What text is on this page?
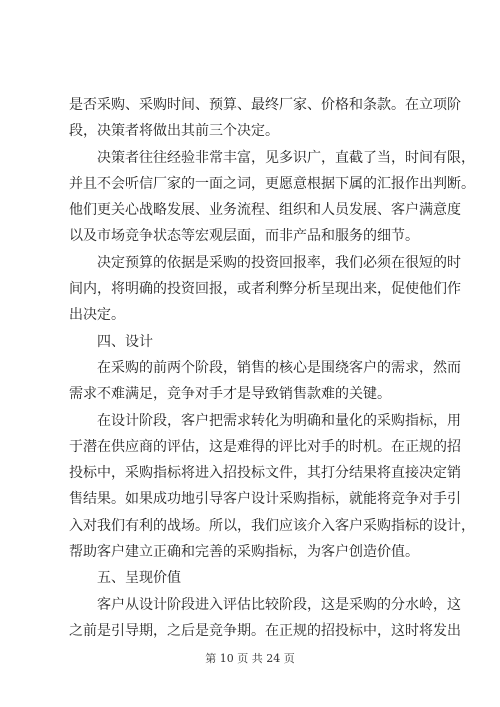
是否采购、采购时间、预算、最终厂家、价格和条款。在立项阶
段，决策者将做出其前三个决定。
决策者往往经验非常丰富，见多识广，直截了当，时间有限，
并且不会听信厂家的一面之词，更愿意根据下属的汇报作出判断。
他们更关心战略发展、业务流程、组织和人员发展、客户满意度
以及市场竞争状态等宏观层面，而非产品和服务的细节。
决定预算的依据是采购的投资回报率，我们必须在很短的时
间内，将明确的投资回报，或者利弊分析呈现出来，促使他们作
出决定。
四、设计
在采购的前两个阶段，销售的核心是围绕客户的需求，然而
需求不难满足，竞争对手才是导致销售款难的关键。
在设计阶段，客户把需求转化为明确和量化的采购指标，用
于潜在供应商的评估，这是难得的评比对手的时机。在正规的招
投标中，采购指标将进入招投标文件，其打分结果将直接决定销
售结果。如果成功地引导客户设计采购指标，就能将竞争对手引
入对我们有利的战场。所以，我们应该介入客户采购指标的设计，
帮助客户建立正确和完善的采购指标，为客户创造价值。
五、呈现价值
客户从设计阶段进入评估比较阶段，这是采购的分水岭，这
之前是引导期，之后是竞争期。在正规的招投标中，这时将发出
第 10 页 共 24 页
